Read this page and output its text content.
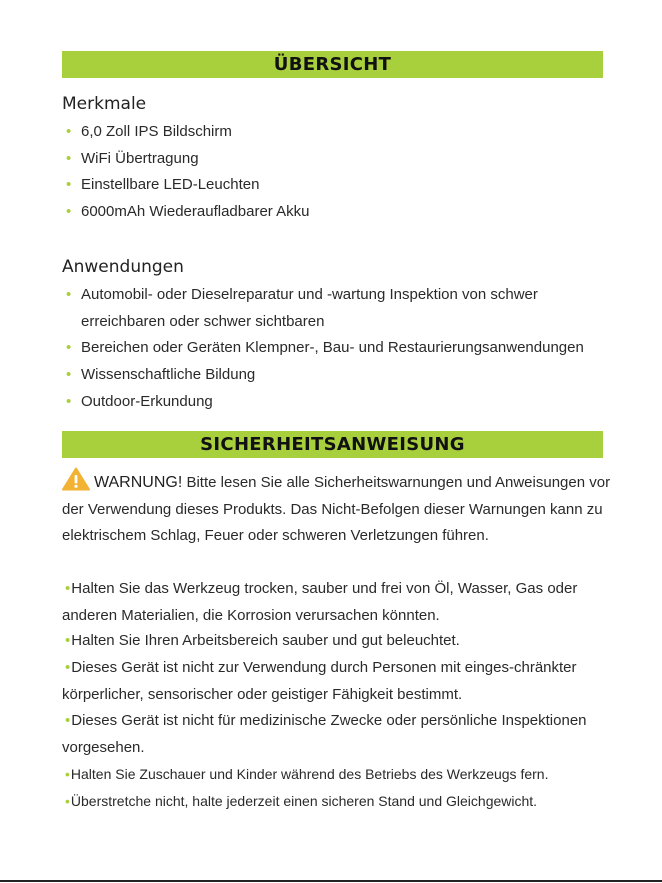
ÜBERSICHT
Merkmale
• 6,0 Zoll IPS Bildschirm
• WiFi Übertragung
• Einstellbare LED-Leuchten
• 6000mAh Wiederaufladbarer Akku
Anwendungen
• Automobil- oder Dieselreparatur und -wartung Inspektion von schwer
erreichbaren oder schwer sichtbaren
• Bereichen oder Geräten Klempner-, Bau- und Restaurierungsanwendungen
• Wissenschaftliche Bildung
• Outdoor-Erkundung
SICHERHEITSANWEISUNG
WARNUNG! Bitte lesen Sie alle Sicherheitswarnungen und Anweisungen vor der Verwendung dieses Produkts. Das Nicht-Befolgen dieser Warnungen kann zu elektrischem Schlag, Feuer oder schweren Verletzungen führen.
•Halten Sie das Werkzeug trocken, sauber und frei von Öl, Wasser, Gas oder anderen Materialien, die Korrosion verursachen könnten.
•Halten Sie Ihren Arbeitsbereich sauber und gut beleuchtet.
•Dieses Gerät ist nicht zur Verwendung durch Personen mit einges-chränkter körperlicher, sensorischer oder geistiger Fähigkeit bestimmt.
•Dieses Gerät ist nicht für medizinische Zwecke oder persönliche Inspektionen vorgesehen.
•Halten Sie Zuschauer und Kinder während des Betriebs des Werkzeugs fern.
•Überstretche nicht, halte jederzeit einen sicheren Stand und Gleichgewicht.
